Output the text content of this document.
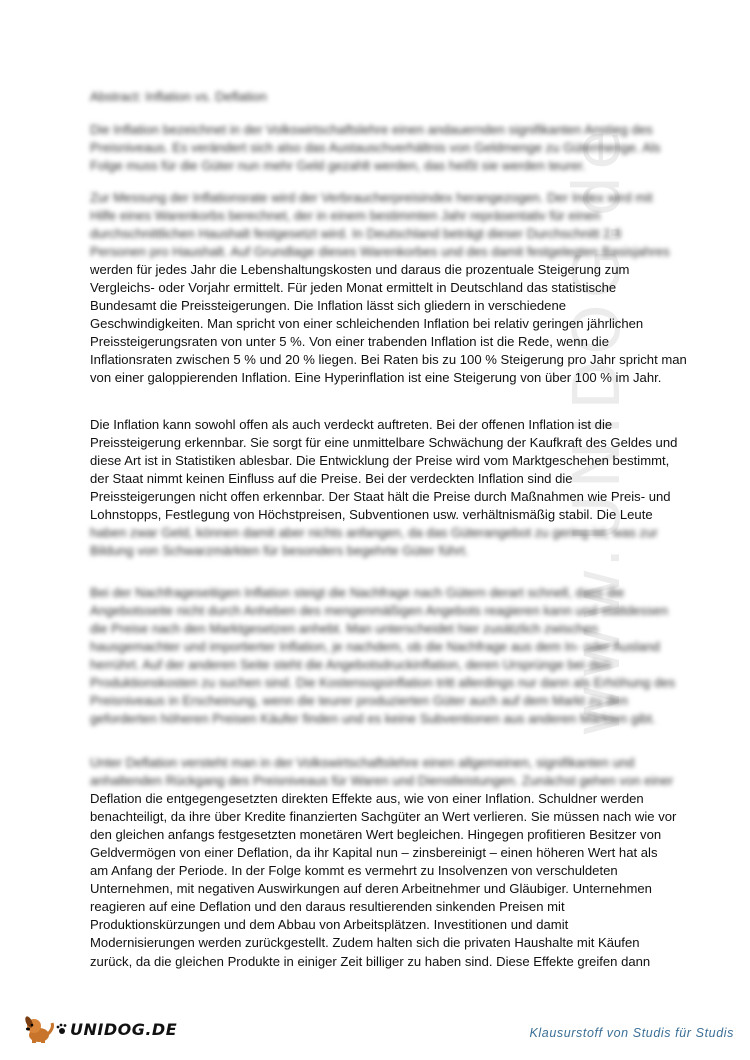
www.UNIDOG.de

Abstract: Inflation vs. Deflation

Die Inflation bezeichnet in der Volkswirtschaftslehre einen andauernden signifikanten Anstieg des
Preisniveaus. Es verändert sich also das Austauschverhältnis von Geldmenge zu Gütermenge. Als
Folge muss für die Güter nun mehr Geld gezahlt werden, das heißt sie werden teurer.

Zur Messung der Inflationsrate wird der Verbraucherpreisindex herangezogen. Der Index wird mit
Hilfe eines Warenkorbs berechnet, der in einem bestimmten Jahr repräsentativ für einen
durchschnittlichen Haushalt festgesetzt wird. In Deutschland beträgt dieser Durchschnitt 2,3
Personen pro Haushalt. Auf Grundlage dieses Warenkorbes und des damit festgelegten Basisjahres
werden für jedes Jahr die Lebenshaltungskosten und daraus die prozentuale Steigerung zum
Vergleichs- oder Vorjahr ermittelt. Für jeden Monat ermittelt in Deutschland das statistische
Bundesamt die Preissteigerungen. Die Inflation lässt sich gliedern in verschiedene
Geschwindigkeiten. Man spricht von einer schleichenden Inflation bei relativ geringen jährlichen
Preissteigerungsraten von unter 5 %. Von einer trabenden Inflation ist die Rede, wenn die
Inflationsraten zwischen 5 % und 20 % liegen. Bei Raten bis zu 100 % Steigerung pro Jahr spricht man
von einer galoppierenden Inflation. Eine Hyperinflation ist eine Steigerung von über 100 % im Jahr.

Die Inflation kann sowohl offen als auch verdeckt auftreten. Bei der offenen Inflation ist die
Preissteigerung erkennbar. Sie sorgt für eine unmittelbare Schwächung der Kaufkraft des Geldes und
diese Art ist in Statistiken ablesbar. Die Entwicklung der Preise wird vom Marktgeschehen bestimmt,
der Staat nimmt keinen Einfluss auf die Preise. Bei der verdeckten Inflation sind die
Preissteigerungen nicht offen erkennbar. Der Staat hält die Preise durch Maßnahmen wie Preis- und
Lohnstopps, Festlegung von Höchstpreisen, Subventionen usw. verhältnismäßig stabil. Die Leute
haben zwar Geld, können damit aber nichts anfangen, da das Güterangebot zu gering ist, was zur
Bildung von Schwarzmärkten für besonders begehrte Güter führt.

Bei der Nachfrageseitigen Inflation steigt die Nachfrage nach Gütern derart schnell, dass die
Angebotsseite nicht durch Anheben des mengenmäßigen Angebots reagieren kann und stattdessen
die Preise nach den Marktgesetzen anhebt. Man unterscheidet hier zusätzlich zwischen
hausgemachter und importierter Inflation, je nachdem, ob die Nachfrage aus dem In- oder Ausland
herrührt. Auf der anderen Seite steht die Angebotsdruckinflation, deren Ursprünge bei den
Produktionskosten zu suchen sind. Die Kostensogsinflation tritt allerdings nur dann als Erhöhung des
Preisniveaus in Erscheinung, wenn die teurer produzierten Güter auch auf dem Markt zu den
geforderten höheren Preisen Käufer finden und es keine Subventionen aus anderen Märkten gibt.

Unter Deflation versteht man in der Volkswirtschaftslehre einen allgemeinen, signifikanten und
anhaltenden Rückgang des Preisniveaus für Waren und Dienstleistungen. Zunächst gehen von einer
Deflation die entgegengesetzten direkten Effekte aus, wie von einer Inflation. Schuldner werden
benachteiligt, da ihre über Kredite finanzierten Sachgüter an Wert verlieren. Sie müssen nach wie vor
den gleichen anfangs festgesetzten monetären Wert begleichen. Hingegen profitieren Besitzer von
Geldvermögen von einer Deflation, da ihr Kapital nun – zinsbereinigt – einen höheren Wert hat als
am Anfang der Periode. In der Folge kommt es vermehrt zu Insolvenzen von verschuldeten
Unternehmen, mit negativen Auswirkungen auf deren Arbeitnehmer und Gläubiger. Unternehmen
reagieren auf eine Deflation und den daraus resultierenden sinkenden Preisen mit
Produktionskürzungen und dem Abbau von Arbeitsplätzen. Investitionen und damit
Modernisierungen werden zurückgestellt. Zudem halten sich die privaten Haushalte mit Käufen
zurück, da die gleichen Produkte in einiger Zeit billiger zu haben sind. Diese Effekte greifen dann

UNIDOG.DE	Klausurstoff von Studis für Studis
